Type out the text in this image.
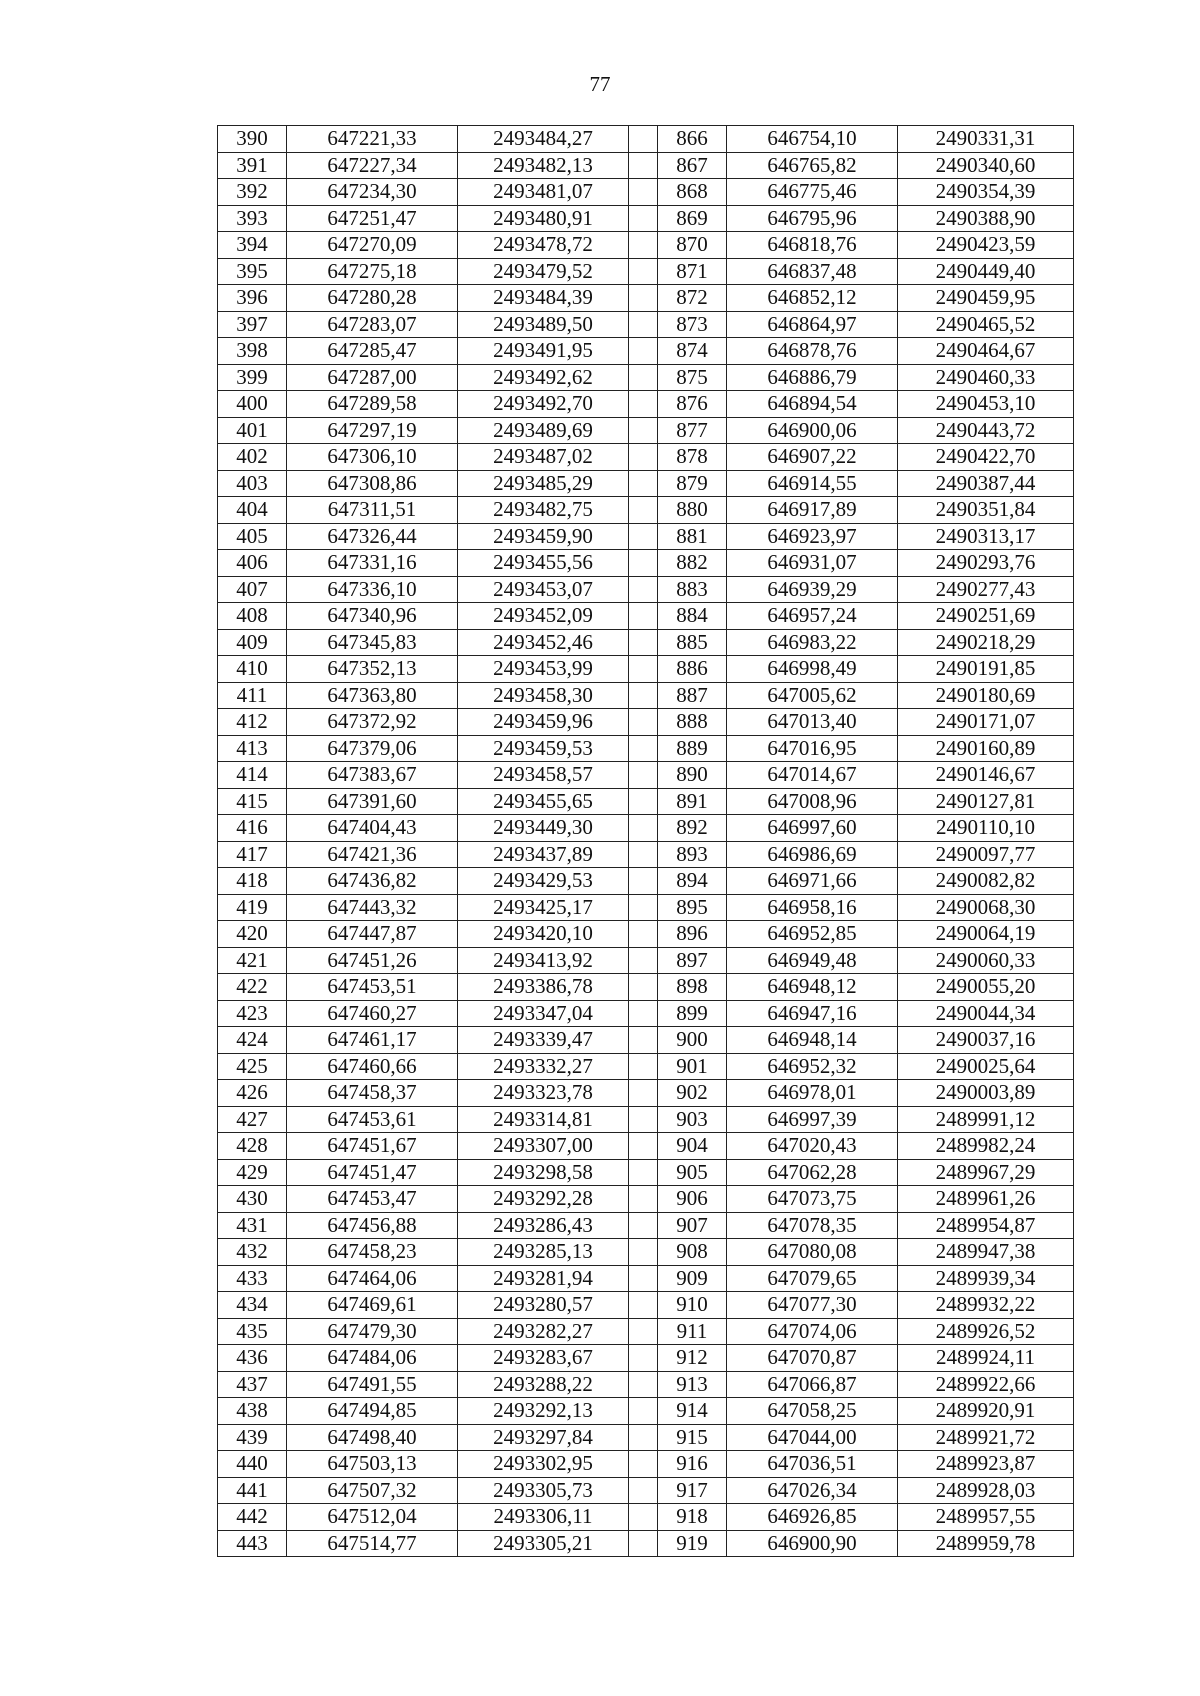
77
390	647221,33	2493484,27		866	646754,10	2490331,31
391	647227,34	2493482,13		867	646765,82	2490340,60
392	647234,30	2493481,07		868	646775,46	2490354,39
393	647251,47	2493480,91		869	646795,96	2490388,90
394	647270,09	2493478,72		870	646818,76	2490423,59
395	647275,18	2493479,52		871	646837,48	2490449,40
396	647280,28	2493484,39		872	646852,12	2490459,95
397	647283,07	2493489,50		873	646864,97	2490465,52
398	647285,47	2493491,95		874	646878,76	2490464,67
399	647287,00	2493492,62		875	646886,79	2490460,33
400	647289,58	2493492,70		876	646894,54	2490453,10
401	647297,19	2493489,69		877	646900,06	2490443,72
402	647306,10	2493487,02		878	646907,22	2490422,70
403	647308,86	2493485,29		879	646914,55	2490387,44
404	647311,51	2493482,75		880	646917,89	2490351,84
405	647326,44	2493459,90		881	646923,97	2490313,17
406	647331,16	2493455,56		882	646931,07	2490293,76
407	647336,10	2493453,07		883	646939,29	2490277,43
408	647340,96	2493452,09		884	646957,24	2490251,69
409	647345,83	2493452,46		885	646983,22	2490218,29
410	647352,13	2493453,99		886	646998,49	2490191,85
411	647363,80	2493458,30		887	647005,62	2490180,69
412	647372,92	2493459,96		888	647013,40	2490171,07
413	647379,06	2493459,53		889	647016,95	2490160,89
414	647383,67	2493458,57		890	647014,67	2490146,67
415	647391,60	2493455,65		891	647008,96	2490127,81
416	647404,43	2493449,30		892	646997,60	2490110,10
417	647421,36	2493437,89		893	646986,69	2490097,77
418	647436,82	2493429,53		894	646971,66	2490082,82
419	647443,32	2493425,17		895	646958,16	2490068,30
420	647447,87	2493420,10		896	646952,85	2490064,19
421	647451,26	2493413,92		897	646949,48	2490060,33
422	647453,51	2493386,78		898	646948,12	2490055,20
423	647460,27	2493347,04		899	646947,16	2490044,34
424	647461,17	2493339,47		900	646948,14	2490037,16
425	647460,66	2493332,27		901	646952,32	2490025,64
426	647458,37	2493323,78		902	646978,01	2490003,89
427	647453,61	2493314,81		903	646997,39	2489991,12
428	647451,67	2493307,00		904	647020,43	2489982,24
429	647451,47	2493298,58		905	647062,28	2489967,29
430	647453,47	2493292,28		906	647073,75	2489961,26
431	647456,88	2493286,43		907	647078,35	2489954,87
432	647458,23	2493285,13		908	647080,08	2489947,38
433	647464,06	2493281,94		909	647079,65	2489939,34
434	647469,61	2493280,57		910	647077,30	2489932,22
435	647479,30	2493282,27		911	647074,06	2489926,52
436	647484,06	2493283,67		912	647070,87	2489924,11
437	647491,55	2493288,22		913	647066,87	2489922,66
438	647494,85	2493292,13		914	647058,25	2489920,91
439	647498,40	2493297,84		915	647044,00	2489921,72
440	647503,13	2493302,95		916	647036,51	2489923,87
441	647507,32	2493305,73		917	647026,34	2489928,03
442	647512,04	2493306,11		918	646926,85	2489957,55
443	647514,77	2493305,21		919	646900,90	2489959,78
